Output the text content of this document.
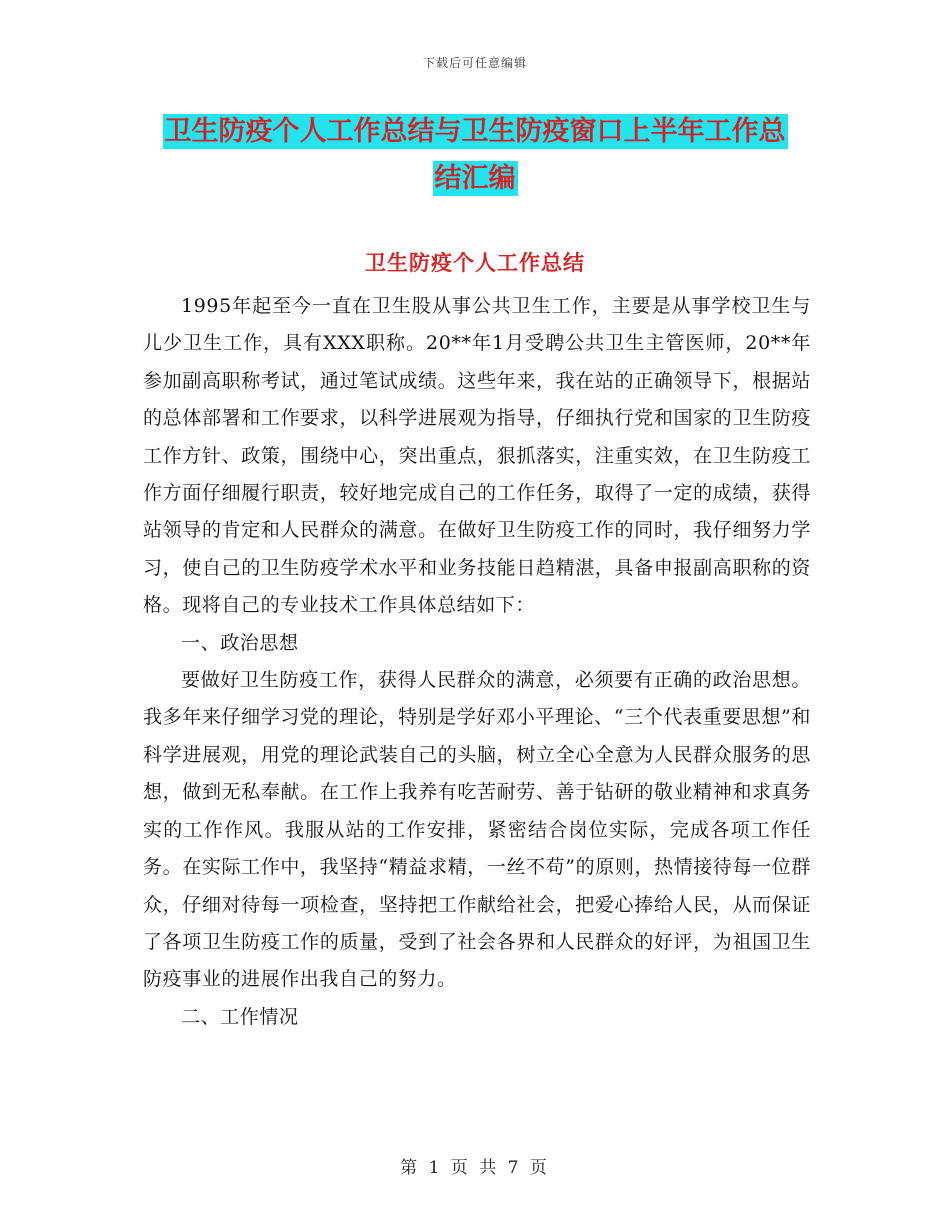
下载后可任意编辑
卫生防疫个人工作总结与卫生防疫窗口上半年工作总
结汇编
卫生防疫个人工作总结

1995年起至今一直在卫生股从事公共卫生工作，主要是从事学校卫生与儿少卫生工作，具有XXX职称。20**年1月受聘公共卫生主管医师，20**年参加副高职称考试，通过笔试成绩。这些年来，我在站的正确领导下，根据站的总体部署和工作要求，以科学进展观为指导，仔细执行党和国家的卫生防疫工作方针、政策，围绕中心，突出重点，狠抓落实，注重实效，在卫生防疫工作方面仔细履行职责，较好地完成自己的工作任务，取得了一定的成绩，获得站领导的肯定和人民群众的满意。在做好卫生防疫工作的同时，我仔细努力学习，使自己的卫生防疫学术水平和业务技能日趋精湛，具备申报副高职称的资格。现将自己的专业技术工作具体总结如下：

一、政治思想

要做好卫生防疫工作，获得人民群众的满意，必须要有正确的政治思想。我多年来仔细学习党的理论，特别是学好邓小平理论、“三个代表重要思想”和科学进展观，用党的理论武装自己的头脑，树立全心全意为人民群众服务的思想，做到无私奉献。在工作上我养有吃苦耐劳、善于钻研的敬业精神和求真务实的工作作风。我服从站的工作安排，紧密结合岗位实际，完成各项工作任务。在实际工作中，我坚持“精益求精，一丝不苟”的原则，热情接待每一位群众，仔细对待每一项检查，坚持把工作献给社会，把爱心捧给人民，从而保证了各项卫生防疫工作的质量，受到了社会各界和人民群众的好评，为祖国卫生防疫事业的进展作出我自己的努力。

二、工作情况

第 1 页 共 7 页
